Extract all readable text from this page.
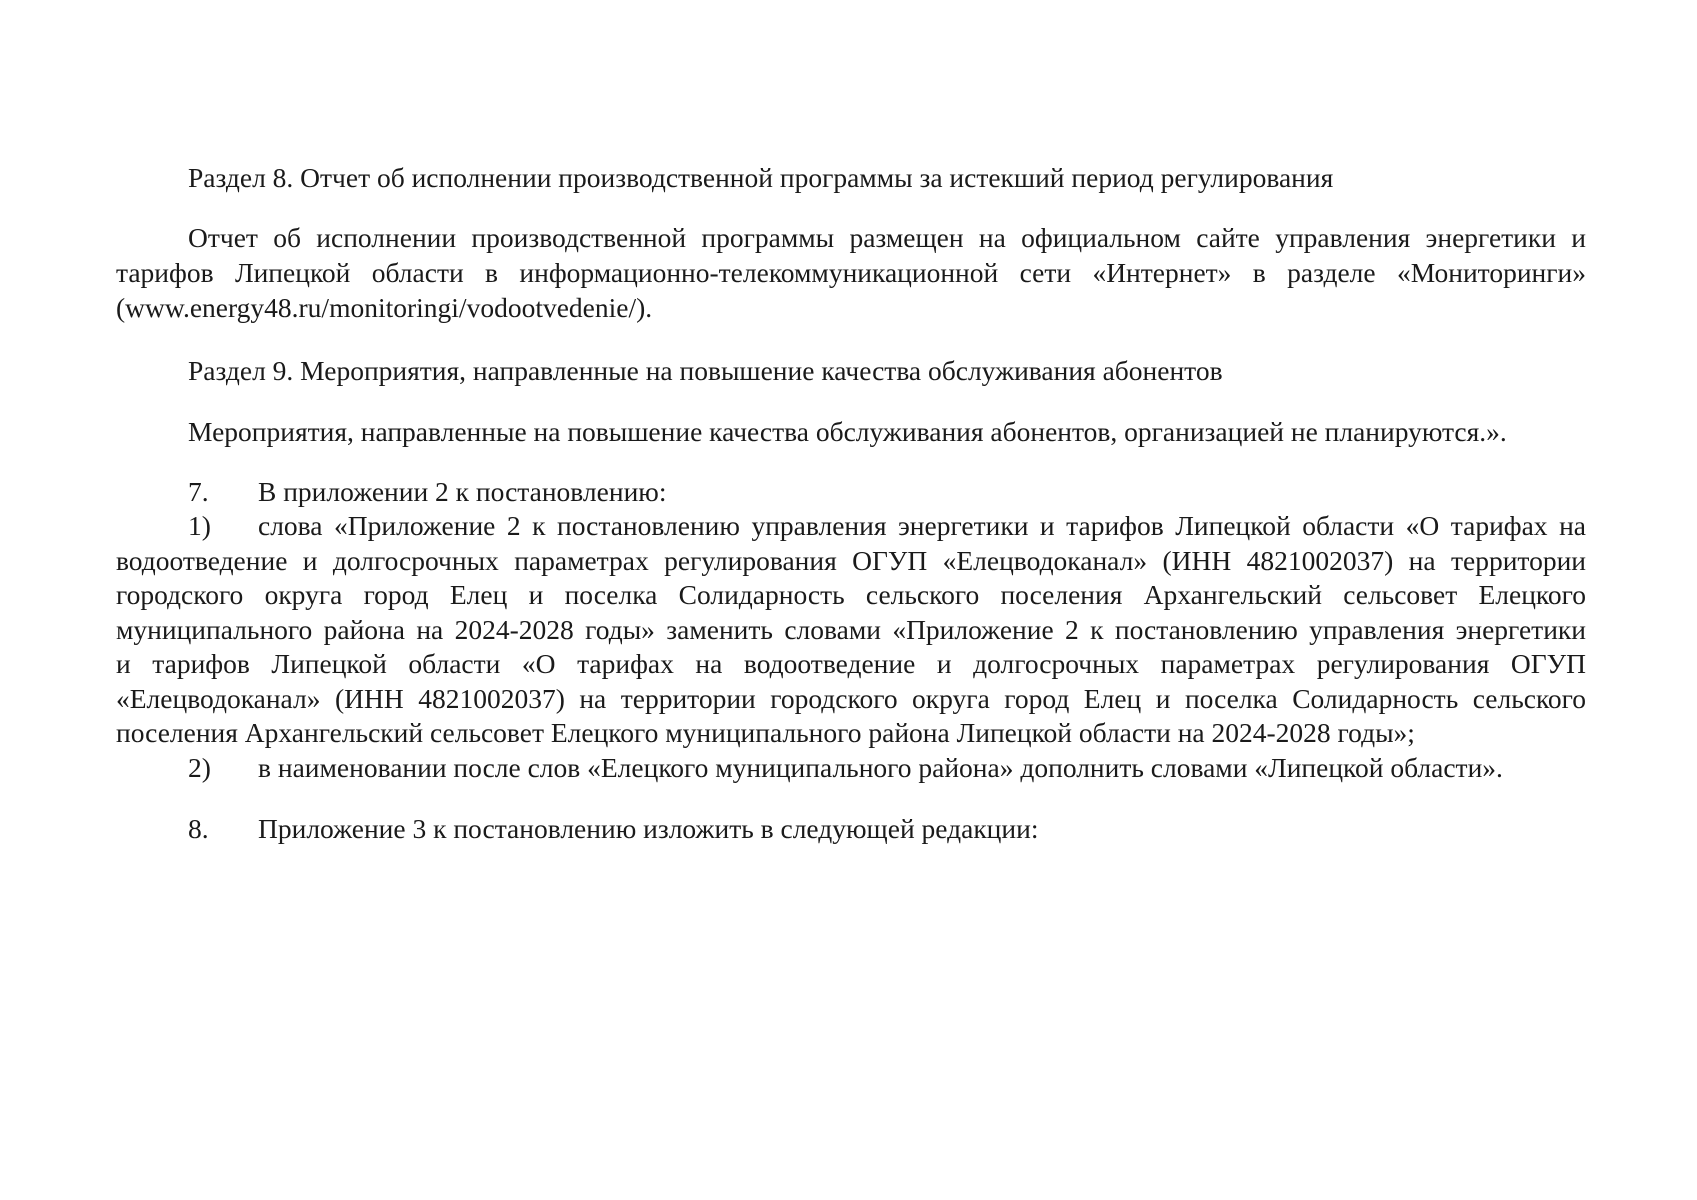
Раздел 8. Отчет об исполнении производственной программы за истекший период регулирования
Отчет об исполнении производственной программы размещен на официальном сайте управления энергетики и
тарифов Липецкой области в информационно-телекоммуникационной сети «Интернет» в разделе «Мониторинги»
(www.energy48.ru/monitoringi/vodootvedenie/).
Раздел 9. Мероприятия, направленные на повышение качества обслуживания абонентов
Мероприятия, направленные на повышение качества обслуживания абонентов, организацией не планируются.».
7.	В приложении 2 к постановлению:
1)	слова «Приложение 2 к постановлению управления энергетики и тарифов Липецкой области «О тарифах на
водоотведение и долгосрочных параметрах регулирования ОГУП «Елецводоканал» (ИНН 4821002037) на территории
городского округа город Елец и поселка Солидарность сельского поселения Архангельский сельсовет Елецкого
муниципального района на 2024-2028 годы» заменить словами «Приложение 2 к постановлению управления энергетики
и тарифов Липецкой области «О тарифах на водоотведение и долгосрочных параметрах регулирования ОГУП
«Елецводоканал» (ИНН 4821002037) на территории городского округа город Елец и поселка Солидарность сельского
поселения Архангельский сельсовет Елецкого муниципального района Липецкой области на 2024-2028 годы»;
2)	в наименовании после слов «Елецкого муниципального района» дополнить словами «Липецкой области».
8.	Приложение 3 к постановлению изложить в следующей редакции:
